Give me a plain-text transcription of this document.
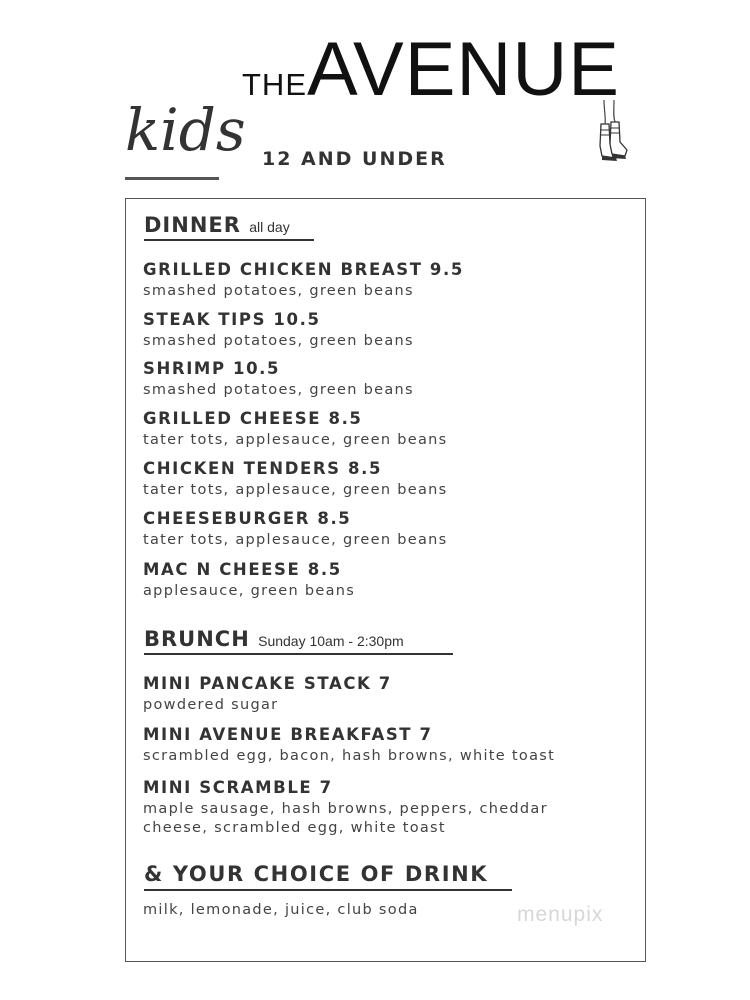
THEAVENUE
kids 12 AND UNDER
DINNER all day
GRILLED CHICKEN BREAST 9.5
smashed potatoes, green beans
STEAK TIPS 10.5
smashed potatoes, green beans
SHRIMP 10.5
smashed potatoes, green beans
GRILLED CHEESE 8.5
tater tots, applesauce, green beans
CHICKEN TENDERS 8.5
tater tots, applesauce, green beans
CHEESEBURGER 8.5
tater tots, applesauce, green beans
MAC N CHEESE 8.5
applesauce, green beans
BRUNCH Sunday 10am - 2:30pm
MINI PANCAKE STACK 7
powdered sugar
MINI AVENUE BREAKFAST 7
scrambled egg, bacon, hash browns, white toast
MINI SCRAMBLE 7
maple sausage, hash browns, peppers, cheddar cheese, scrambled egg, white toast
& YOUR CHOICE OF DRINK
milk, lemonade, juice, club soda	menupix
